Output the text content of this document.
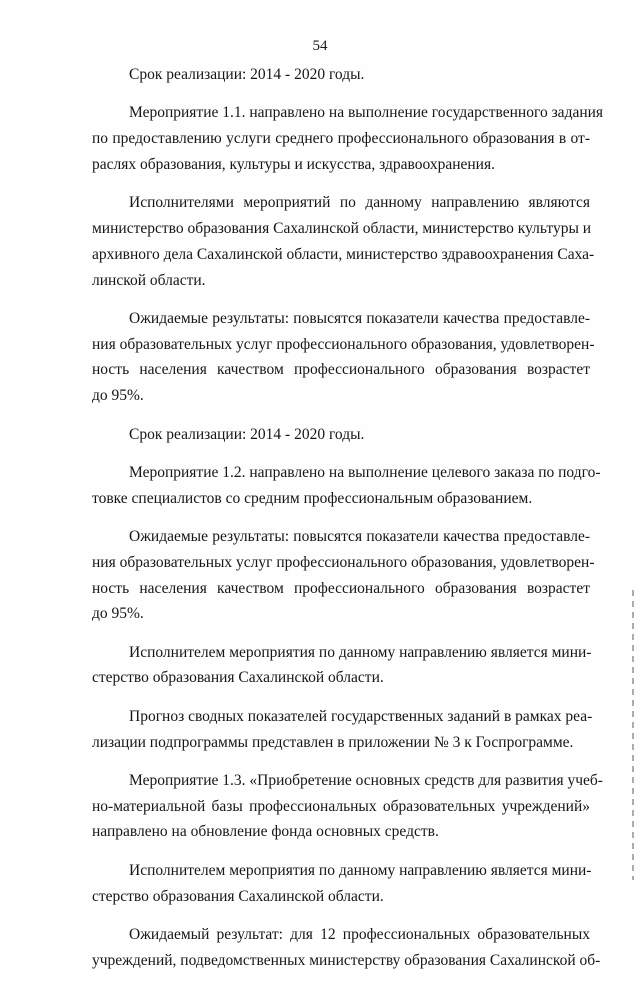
54
Срок реализации: 2014 - 2020 годы.
Мероприятие 1.1. направлено на выполнение государственного задания
по предоставлению услуги среднего профессионального образования в от-
раслях образования, культуры и искусства, здравоохранения.
Исполнителями мероприятий по данному направлению являются
министерство образования Сахалинской области, министерство культуры и
архивного дела Сахалинской области, министерство здравоохранения Саха-
линской области.
Ожидаемые результаты: повысятся показатели качества предоставле-
ния образовательных услуг профессионального образования, удовлетворен-
ность населения качеством профессионального образования возрастет
до 95%.
Срок реализации: 2014 - 2020 годы.
Мероприятие 1.2. направлено на выполнение целевого заказа по подго-
товке специалистов со средним профессиональным образованием.
Ожидаемые результаты: повысятся показатели качества предоставле-
ния образовательных услуг профессионального образования, удовлетворен-
ность населения качеством профессионального образования возрастет
до 95%.
Исполнителем мероприятия по данному направлению является мини-
стерство образования Сахалинской области.
Прогноз сводных показателей государственных заданий в рамках реа-
лизации подпрограммы представлен в приложении № 3 к Госпрограмме.
Мероприятие 1.3. «Приобретение основных средств для развития учеб-
но-материальной базы профессиональных образовательных учреждений»
направлено на обновление фонда основных средств.
Исполнителем мероприятия по данному направлению является мини-
стерство образования Сахалинской области.
Ожидаемый результат: для 12 профессиональных образовательных
учреждений, подведомственных министерству образования Сахалинской об-
